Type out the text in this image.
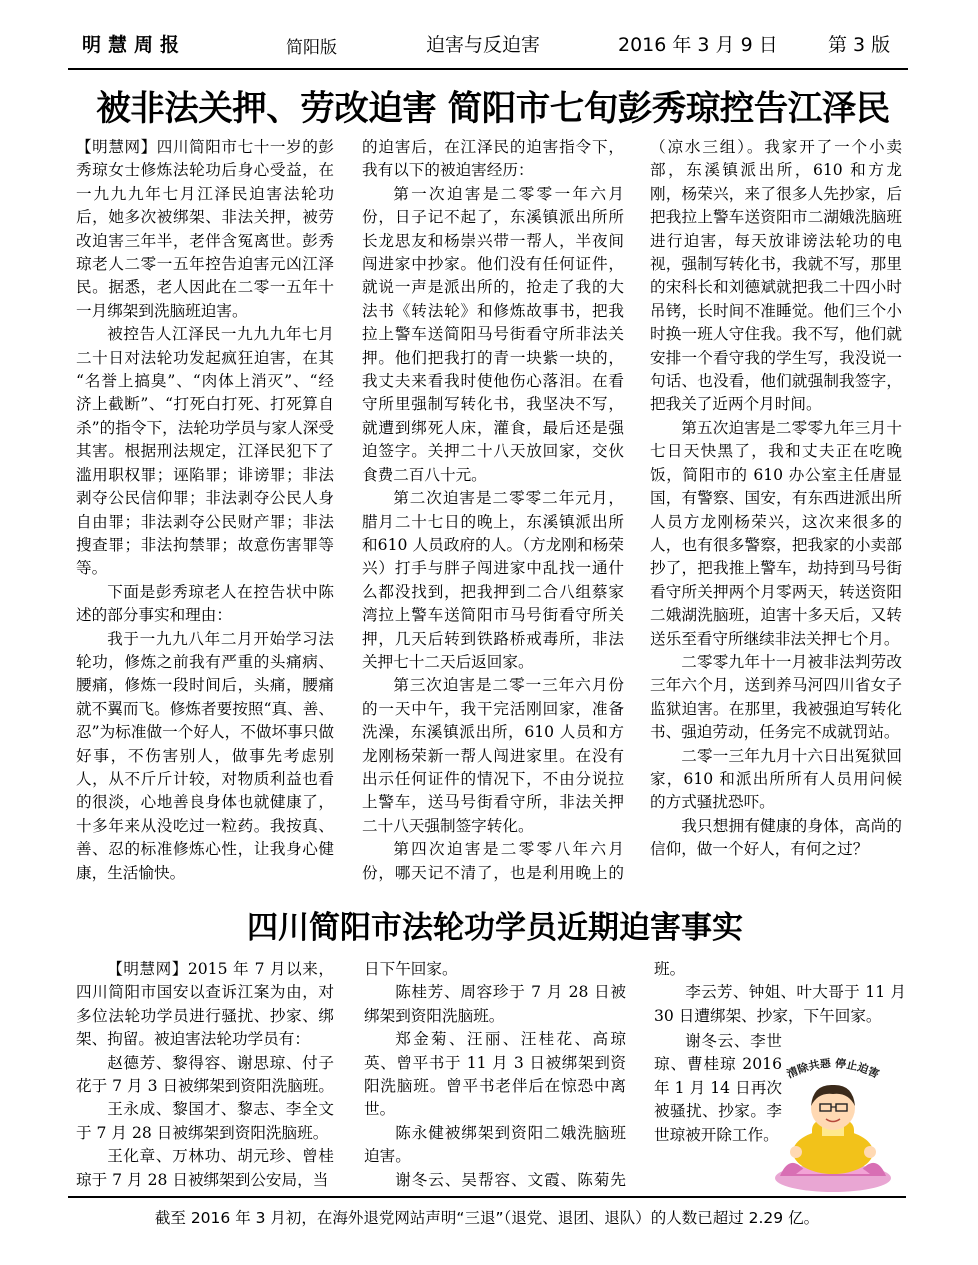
明慧周报	简阳版	迫害与反迫害	2016 年 3 月 9 日	第 3 版
被非法关押、劳改迫害 简阳市七旬彭秀琼控告江泽民

【明慧网】四川简阳市七十一岁的彭秀琼女士修炼法轮功后身心受益，在一九九九年七月江泽民迫害法轮功后，她多次被绑架、非法关押，被劳改迫害三年半，老伴含冤离世。彭秀琼老人二零一五年控告迫害元凶江泽民。据悉，老人因此在二零一五年十一月绑架到洗脑班迫害。

被控告人江泽民一九九九年七月二十日对法轮功发起疯狂迫害，在其 “名誉上搞臭”、“肉体上消灭”、“经济上截断”、“打死白打死、打死算自杀”的指令下，法轮功学员与家人深受其害。根据刑法规定，江泽民犯下了滥用职权罪；诬陷罪；诽谤罪；非法剥夺公民信仰罪；非法剥夺公民人身自由罪；非法剥夺公民财产罪；非法搜查罪；非法拘禁罪；故意伤害罪等等。

下面是彭秀琼老人在控告状中陈述的部分事实和理由：

我于一九九八年二月开始学习法轮功，修炼之前我有严重的头痛病、腰痛，修炼一段时间后，头痛，腰痛就不翼而飞。修炼者要按照“真、善、忍”为标准做一个好人，不做坏事只做好事，不伤害别人，做事先考虑别人，从不斤斤计较，对物质利益也看的很淡，心地善良身体也就健康了，十多年来从没吃过一粒药。我按真、善、忍的标准修炼心性，让我身心健康，生活愉快。

的迫害后，在江泽民的迫害指令下，我有以下的被迫害经历：

第一次迫害是二零零一年六月份，日子记不起了，东溪镇派出所所长龙思友和杨崇兴带一帮人，半夜间闯进家中抄家。他们没有任何证件，就说一声是派出所的，抢走了我的大法书《转法轮》和修炼故事书，把我拉上警车送简阳马号街看守所非法关押。他们把我打的青一块紫一块的，我丈夫来看我时使他伤心落泪。在看守所里强制写转化书，我坚决不写，就遭到绑死人床，灌食，最后还是强迫签字。关押二十八天放回家，交伙食费二百八十元。

第二次迫害是二零零二年元月，腊月二十七日的晚上，东溪镇派出所和610 人员政府的人。（方龙刚和杨荣兴）打手与胖子闯进家中乱找一通什么都没找到，把我押到二合八组蔡家湾拉上警车送简阳市马号街看守所关押，几天后转到铁路桥戒毒所，非法关押七十二天后返回家。

第三次迫害是二零一三年六月份的一天中午，我干完活刚回家，准备洗澡，东溪镇派出所，610 人员和方龙刚杨荣新一帮人闯进家里。在没有出示任何证件的情况下，不由分说拉上警车，送马号街看守所，非法关押二十八天强制签字转化。

第四次迫害是二零零八年六月份，哪天记不清了，也是利用晚上的

（凉水三组）。我家开了一个小卖部，东溪镇派出所，610 和方龙刚，杨荣兴，来了很多人先抄家，后把我拉上警车送资阳市二湖娥洗脑班进行迫害，每天放诽谤法轮功的电视，强制写转化书，我就不写，那里的宋科长和刘德斌就把我二十四小时吊铐，长时间不准睡觉。他们三个小时换一班人守住我。我不写，他们就安排一个看守我的学生写，我没说一句话、也没看，他们就强制我签字，把我关了近两个月时间。

第五次迫害是二零零九年三月十七日天快黑了，我和丈夫正在吃晚饭，简阳市的 610 办公室主任唐显国，有警察、国安，有东西进派出所人员方龙刚杨荣兴，这次来很多的人，也有很多警察，把我家的小卖部抄了，把我推上警车，劫持到马号街看守所关押两个月零两天，转送资阳二娥湖洗脑班，迫害十多天后，又转送乐至看守所继续非法关押七个月。

二零零九年十一月被非法判劳改三年六个月，送到养马河四川省女子监狱迫害。在那里，我被强迫写转化书、强迫劳动，任务完不成就罚站。

二零一三年九月十六日出冤狱回家，610 和派出所所有人员用问候的方式骚扰恐吓。

我只想拥有健康的身体，高尚的信仰，做一个好人，有何之过？

四川简阳市法轮功学员近期迫害事实

【明慧网】2015 年 7 月以来，四川简阳市国安以查诉江案为由，对多位法轮功学员进行骚扰、抄家、绑架、拘留。被迫害法轮功学员有：

赵德芳、黎得容、谢思琼、付子花于 7 月 3 日被绑架到资阳洗脑班。

王永成、黎国才、黎志、李全文于 7 月 28 日被绑架到资阳洗脑班。

王化章、万林功、胡元珍、曾桂琼于 7 月 28 日被绑架到公安局，当

日下午回家。

陈桂芳、周容珍于 7 月 28 日被绑架到资阳洗脑班。

郑金菊、汪丽、汪桂花、高琼英、曾平书于 11 月 3 日被绑架到资阳洗脑班。曾平书老伴后在惊恐中离世。

陈永健被绑架到资阳二娥洗脑班迫害。

谢冬云、吴帮容、文霞、陈菊先

班。

李云芳、钟姐、叶大哥于 11 月 30 日遭绑架、抄家，下午回家。

谢冬云、李世琼、曹桂琼 2016 年 1 月 14 日再次被骚扰、抄家。李世琼被开除工作。

清除共惡 停止迫害
截至 2016 年 3 月初，在海外退党网站声明“三退”（退党、退团、退队）的人数已超过 2.29 亿。
